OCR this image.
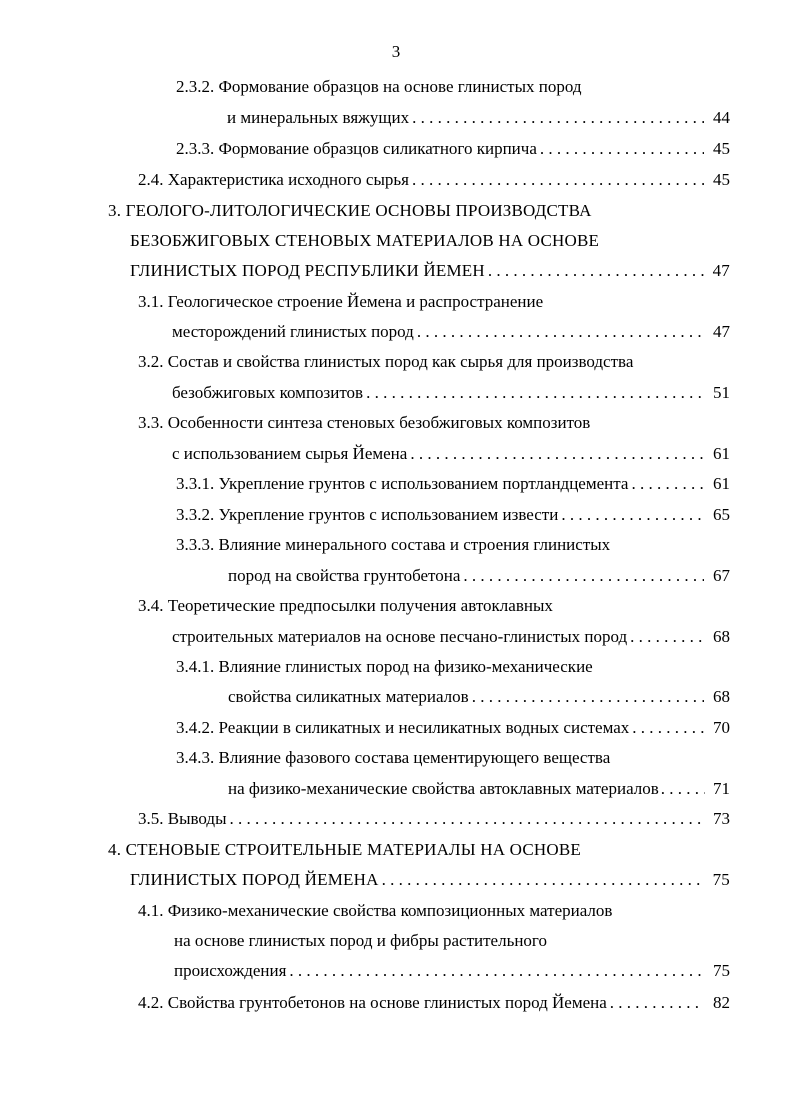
3
2.3.2. Формование образцов на основе глинистых пород
и минеральных вяжущих . . .	44
2.3.3. Формование образцов силикатного кирпича . . .	45
2.4. Характеристика исходного сырья . . .	45
3. ГЕОЛОГО-ЛИТОЛОГИЧЕСКИЕ ОСНОВЫ ПРОИЗВОДСТВА
БЕЗОБЖИГОВЫХ СТЕНОВЫХ МАТЕРИАЛОВ НА ОСНОВЕ
ГЛИНИСТЫХ ПОРОД РЕСПУБЛИКИ ЙЕМЕН . . .	47
3.1. Геологическое строение Йемена и распространение
месторождений глинистых пород . . .	47
3.2. Состав и свойства глинистых пород как сырья для производства
безобжиговых композитов . . .	51
3.3. Особенности синтеза стеновых безобжиговых композитов
с использованием сырья Йемена . . .	61
3.3.1. Укрепление грунтов с использованием портландцемента . . .	61
3.3.2. Укрепление грунтов с использованием извести . . .	65
3.3.3. Влияние минерального состава и строения глинистых
пород на свойства грунтобетона . . .	67
3.4. Теоретические предпосылки получения автоклавных
строительных материалов на основе песчано-глинистых пород . . .	68
3.4.1. Влияние глинистых пород на физико-механические
свойства силикатных материалов . . .	68
3.4.2. Реакции в силикатных и несиликатных водных системах . . .	70
3.4.3. Влияние фазового состава цементирующего вещества
на физико-механические свойства автоклавных материалов . . .	71
3.5. Выводы . . .	73
4. СТЕНОВЫЕ СТРОИТЕЛЬНЫЕ МАТЕРИАЛЫ НА ОСНОВЕ
ГЛИНИСТЫХ ПОРОД ЙЕМЕНА . . .	75
4.1. Физико-механические свойства композиционных материалов
на основе глинистых пород и фибры растительного
происхождения . . .	75
4.2. Свойства грунтобетонов на основе глинистых пород Йемена . . .	82
